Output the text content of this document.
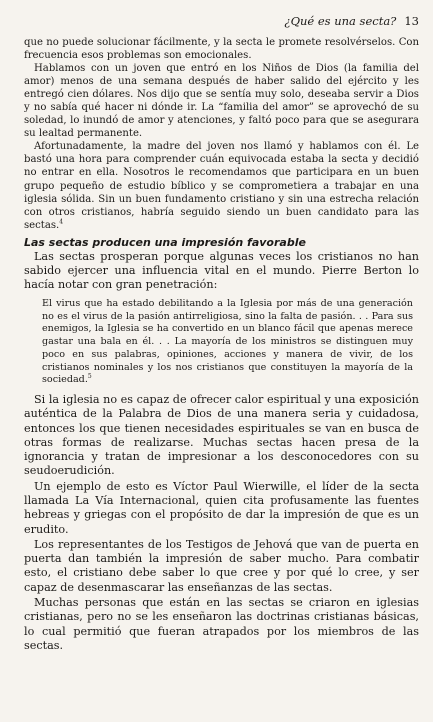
¿Qué es una secta? 13

que no puede solucionar fácilmente, y la secta le promete resolvérselos. Con frecuencia esos problemas son emocionales.

Hablamos con un joven que entró en los Niños de Dios (la familia del amor) menos de una semana después de haber salido del ejército y les entregó cien dólares. Nos dijo que se sentía muy solo, deseaba servir a Dios y no sabía qué hacer ni dónde ir. La “familia del amor” se aprovechó de su soledad, lo inundó de amor y atenciones, y faltó poco para que se asegurara su lealtad permanente.

Afortunadamente, la madre del joven nos llamó y hablamos con él. Le bastó una hora para comprender cuán equivocada estaba la secta y decidió no entrar en ella. Nosotros le recomendamos que participara en un buen grupo pequeño de estudio bíblico y se comprometiera a trabajar en una iglesia sólida. Sin un buen fundamento cristiano y sin una estrecha relación con otros cristianos, habría seguido siendo un buen candidato para las sectas.$^4$

Las sectas producen una impresión favorable

Las sectas prosperan porque algunas veces los cristianos no han sabido ejercer una influencia vital en el mundo. Pierre Berton lo hacía notar con gran penetración:

El virus que ha estado debilitando a la Iglesia por más de una generación no es el virus de la pasión antirreligiosa, sino la falta de pasión. . . Para sus enemigos, la Iglesia se ha convertido en un blanco fácil que apenas merece gastar una bala en él. . . La mayoría de los ministros se distinguen muy poco en sus palabras, opiniones, acciones y manera de vivir, de los cristianos nominales y los nos cristianos que constituyen la mayoría de la sociedad.$^5$

Si la iglesia no es capaz de ofrecer calor espiritual y una exposición auténtica de la Palabra de Dios de una manera seria y cuidadosa, entonces los que tienen necesidades espirituales se van en busca de otras formas de realizarse. Muchas sectas hacen presa de la ignorancia y tratan de impresionar a los desconocedores con su seudoerudición.

Un ejemplo de esto es Víctor Paul Wierwille, el líder de la secta llamada La Vía Internacional, quien cita profusamente las fuentes hebreas y griegas con el propósito de dar la impresión de que es un erudito.

Los representantes de los Testigos de Jehová que van de puerta en puerta dan también la impresión de saber mucho. Para combatir esto, el cristiano debe saber lo que cree y por qué lo cree, y ser capaz de desenmascarar las enseñanzas de las sectas.

Muchas personas que están en las sectas se criaron en iglesias cristianas, pero no se les enseñaron las doctrinas cristianas básicas, lo cual permitió que fueran atrapados por los miembros de las sectas.
